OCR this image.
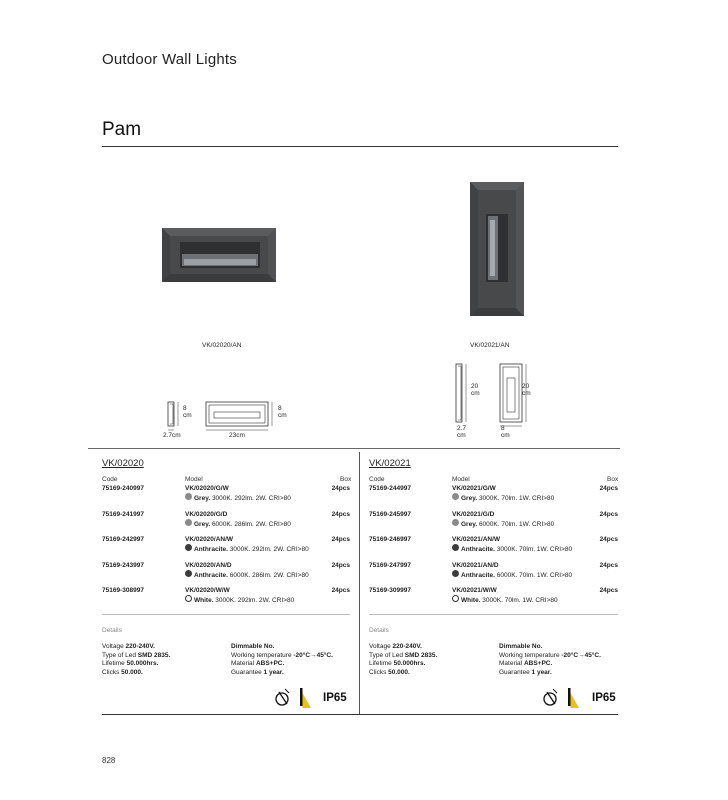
Outdoor Wall Lights
Pam
VK/02020/AN	VK/02021/AN
2.7cm	23cm
8
cm
8
cm
2.7
cm
8
cm
20
cm
20
cm
VK/02020
Code	Model	Box
75169-240997	VK/02020/G/W	24pcs
Grey. 3000K. 292lm. 2W. CRI>80
75169-241997	VK/02020/G/D	24pcs
Grey. 6000K. 286lm. 2W. CRI>80
75169-242997	VK/02020/AN/W	24pcs
Anthracite. 3000K. 292lm. 2W. CRI>80
75169-243997	VK/02020/AN/D	24pcs
Anthracite. 6000K. 286lm. 2W. CRI>80
75169-308997	VK/02020/W/W	24pcs
White. 3000K. 292lm. 2W. CRI>80
Details
Voltage 220-240V.
Type of Led SMD 2835.
Lifetime 50.000hrs.
Clicks 50.000.
Dimmable No.
Working temperature -20°C→45°C.
Material ABS+PC.
Guarantee 1 year.
IP65
VK/02021
Code	Model	Box
75169-244997	VK/02021/G/W	24pcs
Grey. 3000K. 70lm. 1W. CRI>80
75169-245997	VK/02021/G/D	24pcs
Grey. 6000K. 70lm. 1W. CRI>80
75169-246997	VK/02021/AN/W	24pcs
Anthracite. 3000K. 70lm. 1W. CRI>80
75169-247997	VK/02021/AN/D	24pcs
Anthracite. 6000K. 70lm. 1W. CRI>80
75169-309997	VK/02021/W/W	24pcs
White. 3000K. 70lm. 1W. CRI>80
Details
Voltage 220-240V.
Type of Led SMD 2835.
Lifetime 50.000hrs.
Clicks 50.000.
Dimmable No.
Working temperature -20°C→45°C.
Material ABS+PC.
Guarantee 1 year.
IP65
828
